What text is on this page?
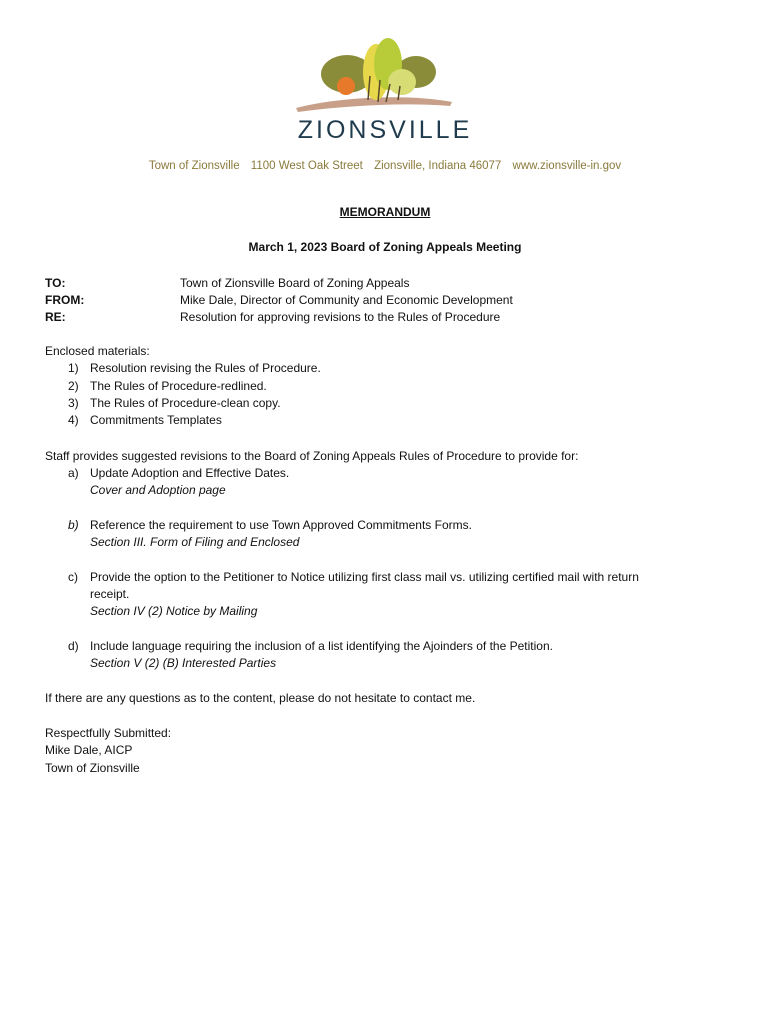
ZIONSVILLE
Town of Zionsville 1100 West Oak Street Zionsville, Indiana 46077 www.zionsville-in.gov
MEMORANDUM
March 1, 2023 Board of Zoning Appeals Meeting
TO:	Town of Zionsville Board of Zoning Appeals
FROM:	Mike Dale, Director of Community and Economic Development
RE:	Resolution for approving revisions to the Rules of Procedure
Enclosed materials:
1) Resolution revising the Rules of Procedure.
2) The Rules of Procedure-redlined.
3) The Rules of Procedure-clean copy.
4) Commitments Templates
Staff provides suggested revisions to the Board of Zoning Appeals Rules of Procedure to provide for:
a) Update Adoption and Effective Dates.
Cover and Adoption page
b) Reference the requirement to use Town Approved Commitments Forms.
Section III. Form of Filing and Enclosed
c) Provide the option to the Petitioner to Notice utilizing first class mail vs. utilizing certified mail with return
receipt.
Section IV (2) Notice by Mailing
d) Include language requiring the inclusion of a list identifying the Ajoinders of the Petition.
Section V (2) (B) Interested Parties
If there are any questions as to the content, please do not hesitate to contact me.
Respectfully Submitted:
Mike Dale, AICP
Town of Zionsville
